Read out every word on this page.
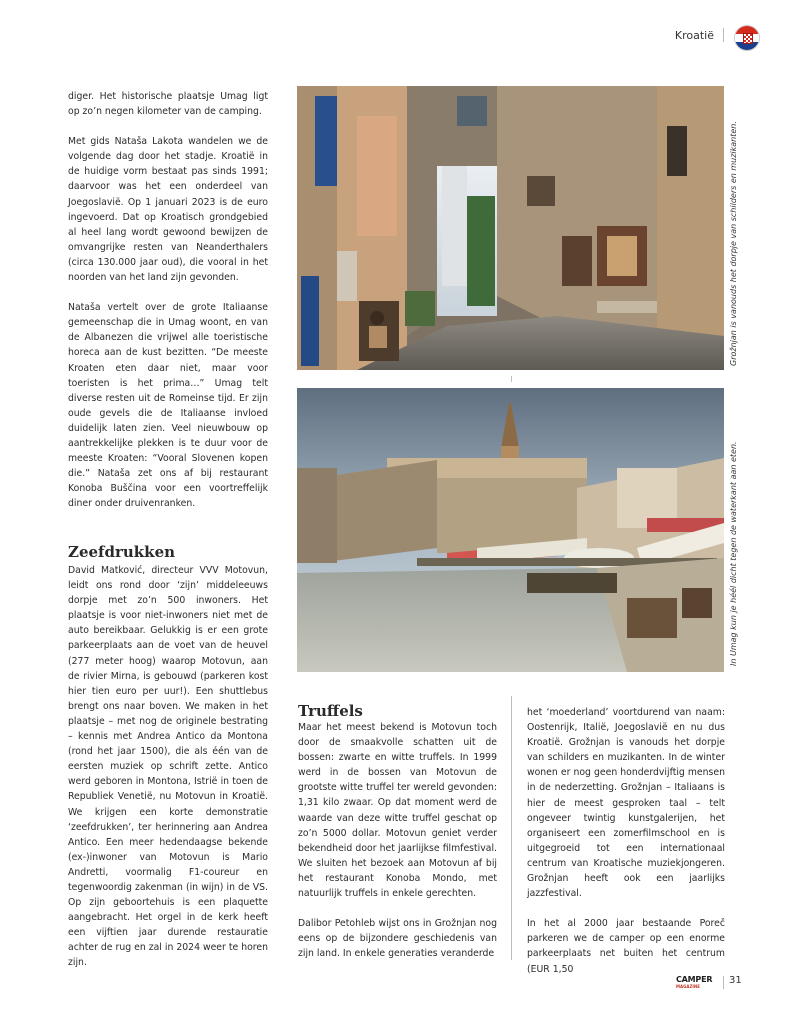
Kroatië

diger. Het historische plaatsje Umag ligt op zo’n negen kilometer van de camping.

Met gids Nataša Lakota wandelen we de volgende dag door het stadje. Kroatië in de huidige vorm bestaat pas sinds 1991; daarvoor was het een onderdeel van Joegoslavië. Op 1 januari 2023 is de euro ingevoerd. Dat op Kroatisch grondgebied al heel lang wordt gewoond bewijzen de omvangrijke resten van Neanderthalers (circa 130.000 jaar oud), die vooral in het noorden van het land zijn gevonden.

Nataša vertelt over de grote Italiaanse gemeenschap die in Umag woont, en van de Albanezen die vrijwel alle toeristische horeca aan de kust bezitten. “De meeste Kroaten eten daar niet, maar voor toeristen is het prima…” Umag telt diverse resten uit de Romeinse tijd. Er zijn oude gevels die de Italiaanse invloed duidelijk laten zien. Veel nieuwbouw op aantrekkelijke plekken is te duur voor de meeste Kroaten: “Vooral Slovenen kopen die.” Nataša zet ons af bij restaurant Konoba Buščina voor een voortreffelijk diner onder druivenranken.

Zeefdrukken

David Matković, directeur VVV Motovun, leidt ons rond door ‘zijn’ middeleeuws dorpje met zo’n 500 inwoners. Het plaatsje is voor niet-inwoners niet met de auto bereikbaar. Gelukkig is er een grote parkeerplaats aan de voet van de heuvel (277 meter hoog) waarop Motovun, aan de rivier Mirna, is gebouwd (parkeren kost hier tien euro per uur!). Een shuttlebus brengt ons naar boven. We maken in het plaatsje – met nog de originele bestrating – kennis met Andrea Antico da Montona (rond het jaar 1500), die als één van de eersten muziek op schrift zette. Antico werd geboren in Montona, Istrië in toen de Republiek Venetië, nu Motovun in Kroatië. We krijgen een korte demonstratie ‘zeefdrukken’, ter herinnering aan Andrea Antico. Een meer hedendaagse bekende (ex-)inwoner van Motovun is Mario Andretti, voormalig F1-coureur en tegenwoordig zakenman (in wijn) in de VS. Op zijn geboortehuis is een plaquette aangebracht. Het orgel in de kerk heeft een vijftien jaar durende restauratie achter de rug en zal in 2024 weer te horen zijn.

Grožnjan is vanouds het dorpje van schilders en muzikanten.
In Umag kun je héél dicht tegen de waterkant aan eten.
Truffels

Maar het meest bekend is Motovun toch door de smaakvolle schatten uit de bossen: zwarte en witte truffels. In 1999 werd in de bossen van Motovun de grootste witte truffel ter wereld gevonden: 1,31 kilo zwaar. Op dat moment werd de waarde van deze witte truffel geschat op zo’n 5000 dollar. Motovun geniet verder bekendheid door het jaarlijkse filmfestival. We sluiten het bezoek aan Motovun af bij het restaurant Konoba Mondo, met natuurlijk truffels in enkele gerechten.

Dalibor Petohleb wijst ons in Grožnjan nog eens op de bijzondere geschiedenis van zijn land. In enkele generaties veranderde

het ‘moederland’ voortdurend van naam: Oostenrijk, Italië, Joegoslavië en nu dus Kroatië. Grožnjan is vanouds het dorpje van schilders en muzikanten. In de winter wonen er nog geen honderdvijftig mensen in de nederzetting. Grožnjan – Italiaans is hier de meest gesproken taal – telt ongeveer twintig kunstgalerijen, het organiseert een zomerfilmschool en is uitgegroeid tot een internationaal centrum van Kroatische muziekjongeren. Grožnjan heeft ook een jaarlijks jazzfestival.

In het al 2000 jaar bestaande Poreč parkeren we de camper op een enorme parkeerplaats net buiten het centrum (EUR 1,50

CAMPER
MAGAZINE
31
